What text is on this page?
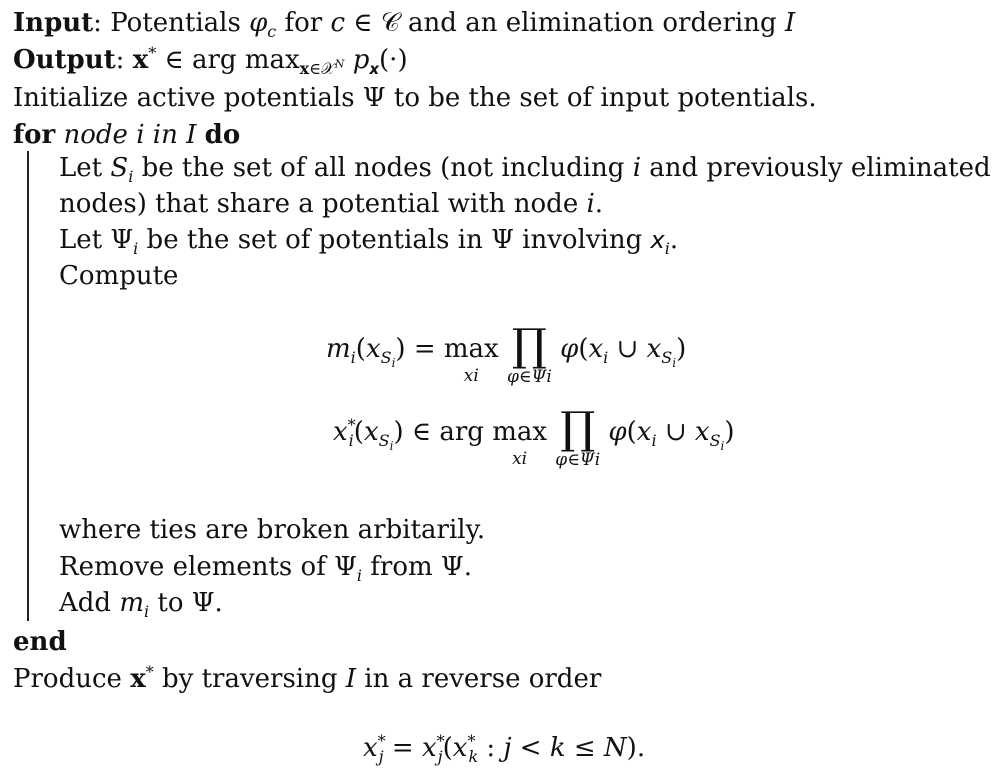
Input: Potentials $\varphi_c$ for c ∈ 𝒞 and an elimination ordering I
Output: x* ∈ arg $\max_{x\in 𝒳^N} p_x(\cdot)$
Initialize active potentials Ψ to be the set of input potentials.
for node i in I do
Let $S_i$ be the set of all nodes (not including i and previously eliminated
nodes) that share a potential with node i.
Let $\Psi_i$ be the set of potentials in Ψ involving $x_i$.
Compute
$m_i(x_{S_i}) = \max$
xi

∏
φ∈Ψi
$\varphi(x_i$ ∪ $x_{S_i}$)
$x^*_i(x_{S_i})$ ∈ arg max
xi

∏
φ∈Ψi
$\varphi(x_i$ ∪ $x_{S_i}$)
where ties are broken arbitarily.
Remove elements of $\Psi_i$ from Ψ.
Add $m_i$ to Ψ.
end
Produce x* by traversing I in a reverse order
$x^*_j = x^*_j(x^*_k$ : j < k ≤ N).
